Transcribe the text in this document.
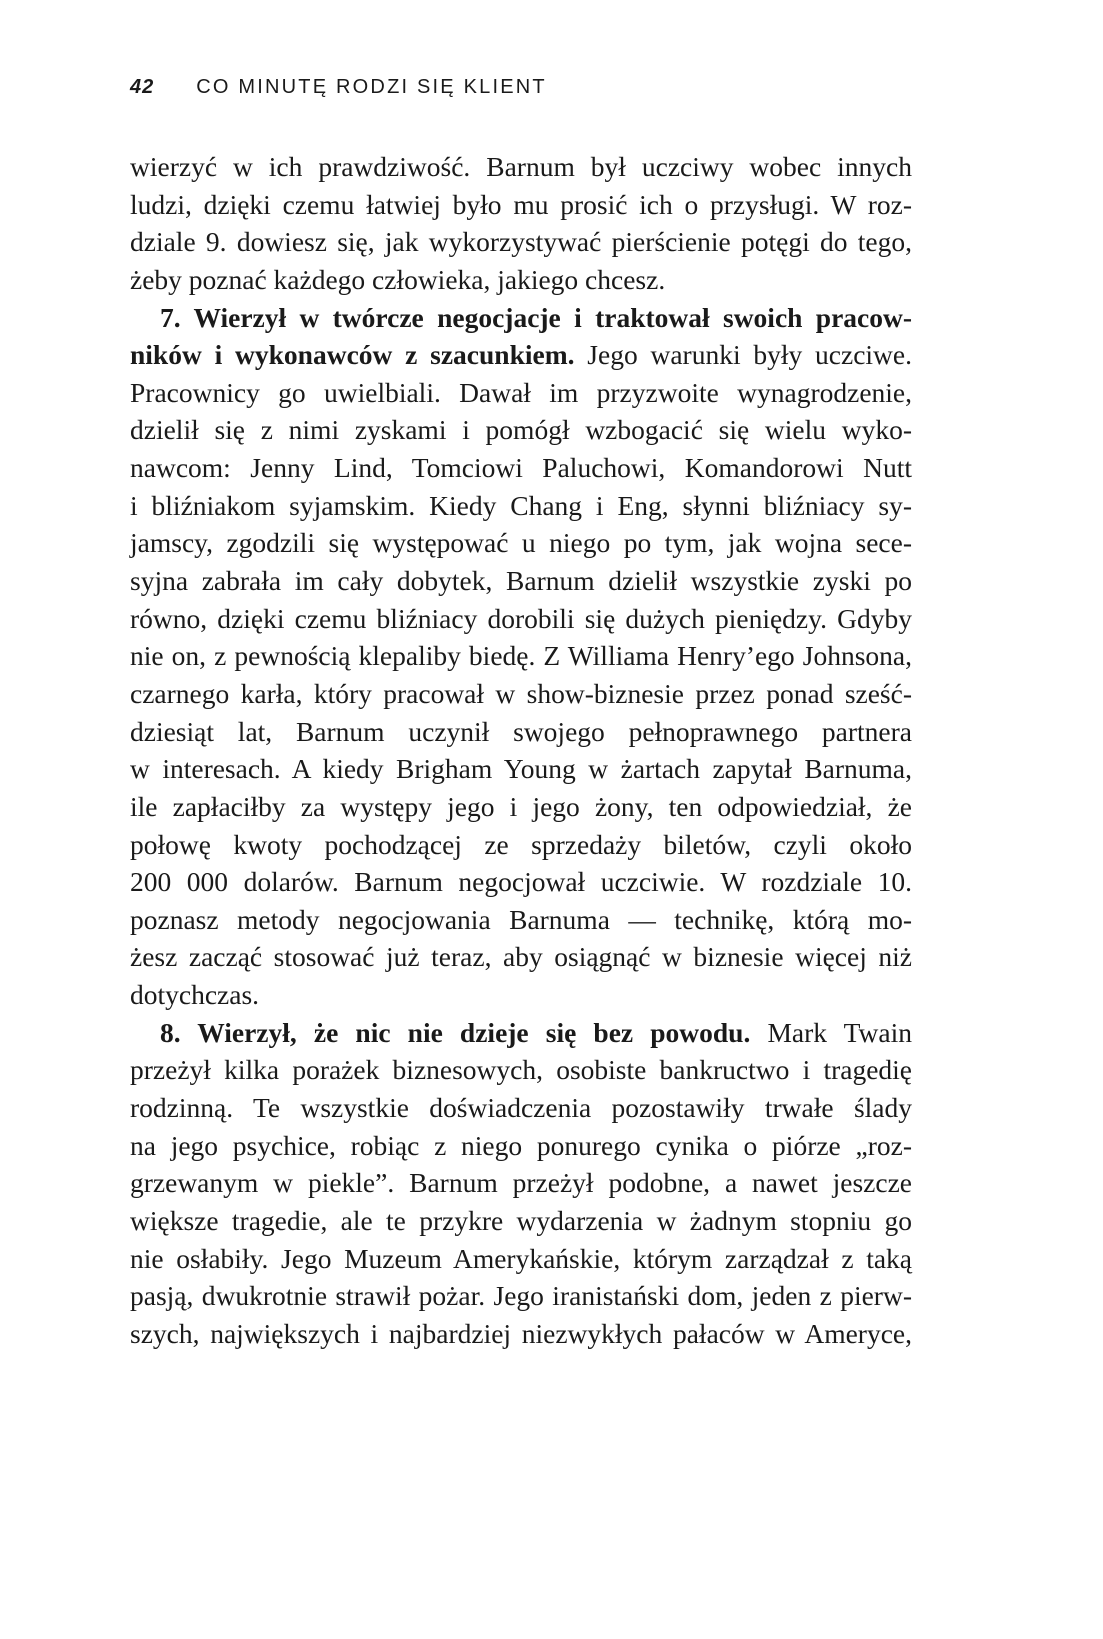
42 CO MINUTĘ RODZI SIĘ KLIENT
wierzyć w ich prawdziwość. Barnum był uczciwy wobec innych
ludzi, dzięki czemu łatwiej było mu prosić ich o przysługi. W roz-
dziale 9. dowiesz się, jak wykorzystywać pierścienie potęgi do tego,
żeby poznać każdego człowieka, jakiego chcesz.
7. Wierzył w twórcze negocjacje i traktował swoich pracow-
ników i wykonawców z szacunkiem. Jego warunki były uczciwe.
Pracownicy go uwielbiali. Dawał im przyzwoite wynagrodzenie,
dzielił się z nimi zyskami i pomógł wzbogacić się wielu wyko-
nawcom: Jenny Lind, Tomciowi Paluchowi, Komandorowi Nutt
i bliźniakom syjamskim. Kiedy Chang i Eng, słynni bliźniacy sy-
jamscy, zgodzili się występować u niego po tym, jak wojna sece-
syjna zabrała im cały dobytek, Barnum dzielił wszystkie zyski po
równo, dzięki czemu bliźniacy dorobili się dużych pieniędzy. Gdyby
nie on, z pewnością klepaliby biedę. Z Williama Henry’ego Johnsona,
czarnego karła, który pracował w show-biznesie przez ponad sześć-
dziesiąt lat, Barnum uczynił swojego pełnoprawnego partnera
w interesach. A kiedy Brigham Young w żartach zapytał Barnuma,
ile zapłaciłby za występy jego i jego żony, ten odpowiedział, że
połowę kwoty pochodzącej ze sprzedaży biletów, czyli około
200 000 dolarów. Barnum negocjował uczciwie. W rozdziale 10.
poznasz metody negocjowania Barnuma — technikę, którą mo-
żesz zacząć stosować już teraz, aby osiągnąć w biznesie więcej niż
dotychczas.
8. Wierzył, że nic nie dzieje się bez powodu. Mark Twain
przeżył kilka porażek biznesowych, osobiste bankructwo i tragedię
rodzinną. Te wszystkie doświadczenia pozostawiły trwałe ślady
na jego psychice, robiąc z niego ponurego cynika o piórze „roz-
grzewanym w piekle”. Barnum przeżył podobne, a nawet jeszcze
większe tragedie, ale te przykre wydarzenia w żadnym stopniu go
nie osłabiły. Jego Muzeum Amerykańskie, którym zarządzał z taką
pasją, dwukrotnie strawił pożar. Jego iranistański dom, jeden z pierw-
szych, największych i najbardziej niezwykłych pałaców w Ameryce,
